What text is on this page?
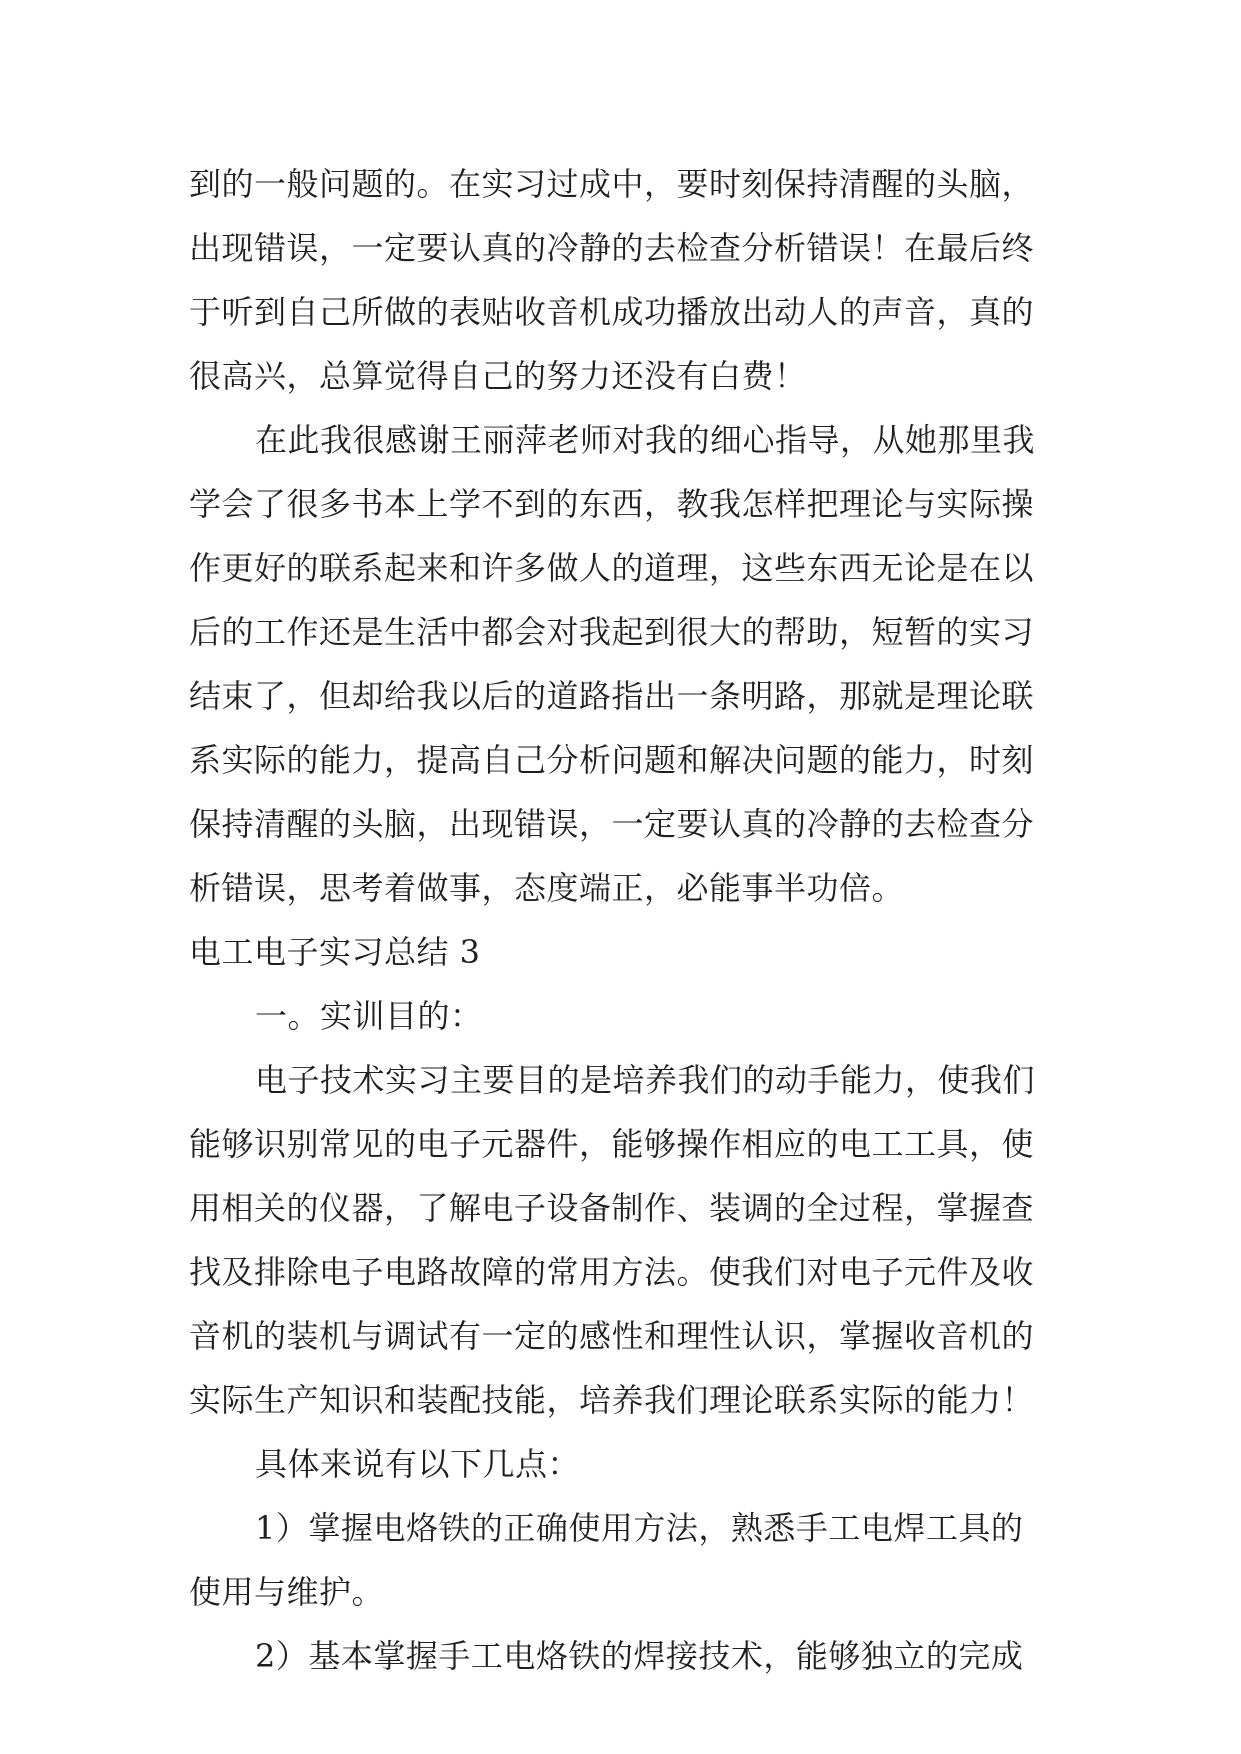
到的一般问题的。在实习过成中，要时刻保持清醒的头脑，
出现错误，一定要认真的冷静的去检查分析错误！在最后终
于听到自己所做的表贴收音机成功播放出动人的声音，真的
很高兴，总算觉得自己的努力还没有白费！
在此我很感谢王丽萍老师对我的细心指导，从她那里我
学会了很多书本上学不到的东西，教我怎样把理论与实际操
作更好的联系起来和许多做人的道理，这些东西无论是在以
后的工作还是生活中都会对我起到很大的帮助，短暂的实习
结束了，但却给我以后的道路指出一条明路，那就是理论联
系实际的能力，提高自己分析问题和解决问题的能力，时刻
保持清醒的头脑，出现错误，一定要认真的冷静的去检查分
析错误，思考着做事，态度端正，必能事半功倍。
电工电子实习总结 3
一。实训目的：
电子技术实习主要目的是培养我们的动手能力，使我们
能够识别常见的电子元器件，能够操作相应的电工工具，使
用相关的仪器，了解电子设备制作、装调的全过程，掌握查
找及排除电子电路故障的常用方法。使我们对电子元件及收
音机的装机与调试有一定的感性和理性认识，掌握收音机的
实际生产知识和装配技能，培养我们理论联系实际的能力！
具体来说有以下几点：
1）掌握电烙铁的正确使用方法，熟悉手工电焊工具的
使用与维护。
2）基本掌握手工电烙铁的焊接技术，能够独立的完成
